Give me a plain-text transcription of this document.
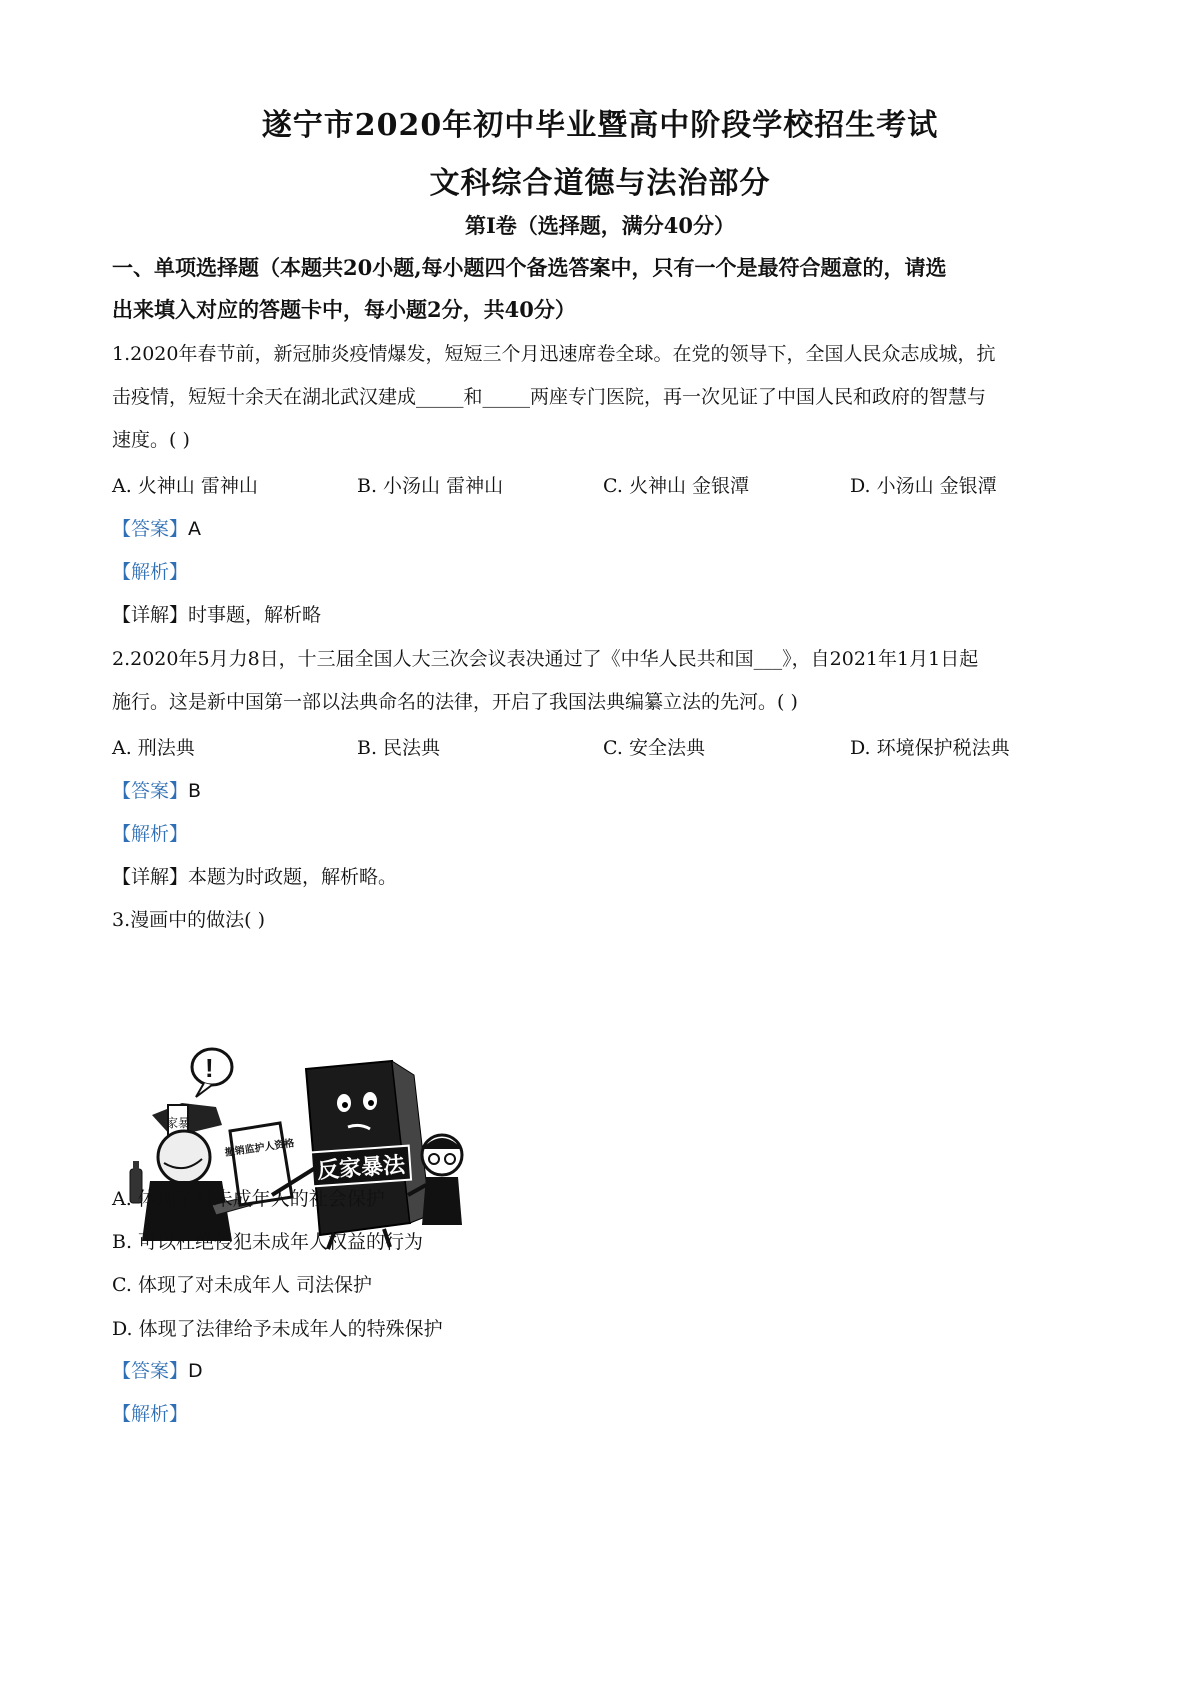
遂宁市2020年初中毕业暨高中阶段学校招生考试
文科综合道德与法治部分
第Ⅰ卷（选择题，满分40分）
一、单项选择题（本题共20小题,每小题四个备选答案中，只有一个是最符合题意的，请选
出来填入对应的答题卡中，每小题2分，共40分）
1.2020年春节前，新冠肺炎疫情爆发，短短三个月迅速席卷全球。在党的领导下，全国人民众志成城，抗
击疫情，短短十余天在湖北武汉建成_____和_____两座专门医院，再一次见证了中国人民和政府的智慧与
速度。( )
A. 火神山 雷神山	B. 小汤山 雷神山	C. 火神山 金银潭	D. 小汤山 金银潭
【答案】A
【解析】
【详解】时事题，解析略
2.2020年5月力8日，十三届全国人大三次会议表决通过了《中华人民共和国___》，自2021年1月1日起
施行。这是新中国第一部以法典命名的法律，开启了我国法典编纂立法的先河。( )
A. 刑法典	B. 民法典	C. 安全法典	D. 环境保护税法典
【答案】B
【解析】
【详解】本题为时政题，解析略。
3.漫画中的做法( )
!
家暴
撤销监护人资格
反家暴法
A. 体现了对未成年人的社会保护
B. 可以杜绝侵犯未成年人权益的行为
C. 体现了对未成年人 司法保护
D. 体现了法律给予未成年人的特殊保护
【答案】D
【解析】
